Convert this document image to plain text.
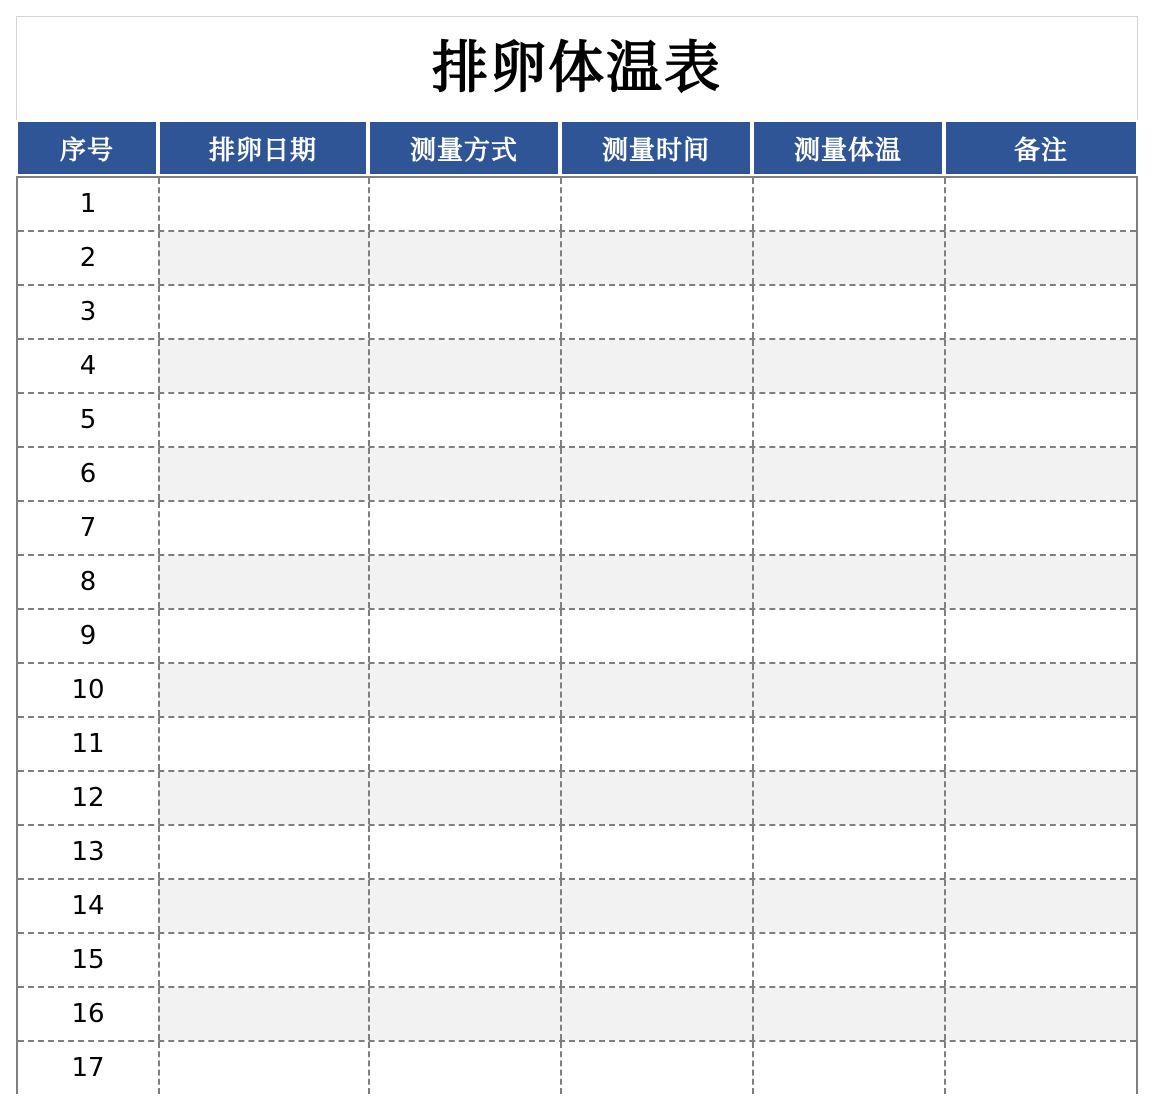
排卵体温表
序号	排卵日期	测量方式	测量时间	测量体温	备注
1
2
3
4
5
6
7
8
9
10
11
12
13
14
15
16
17
